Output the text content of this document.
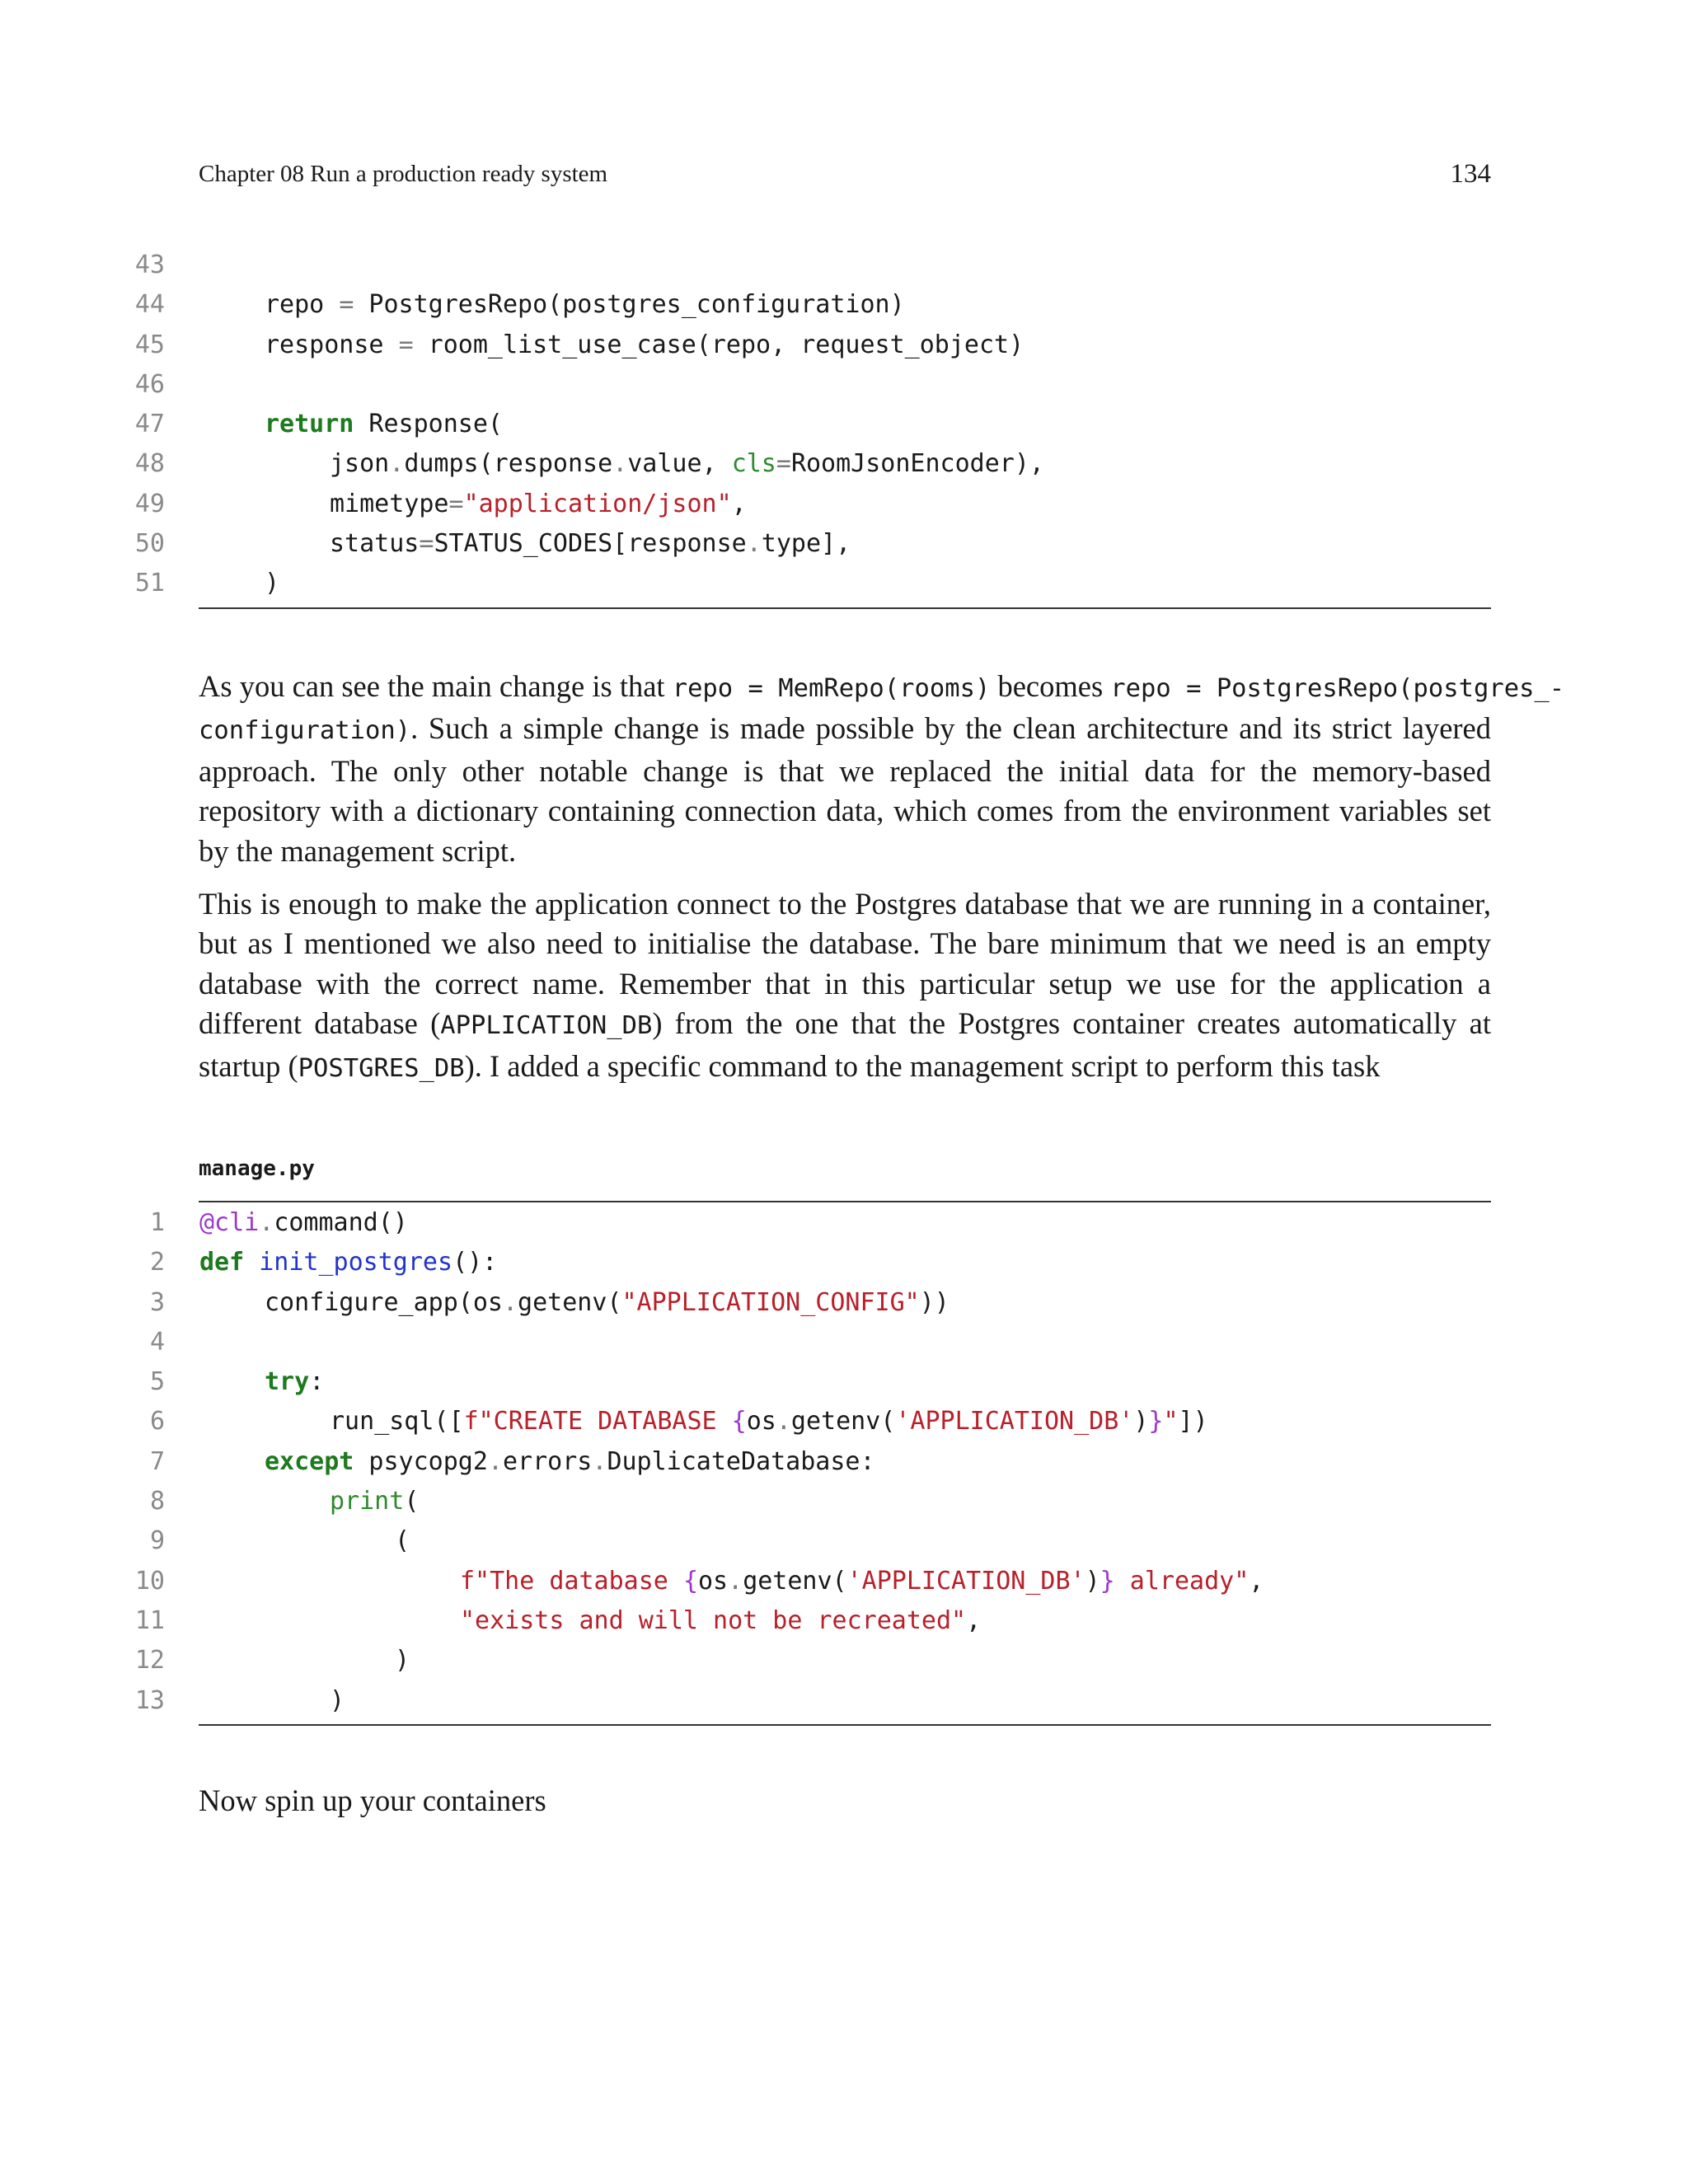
Chapter 08 Run a production ready system	134
43
44	repo = PostgresRepo(postgres_configuration)
45	response = room_list_use_case(repo, request_object)
46
47	return Response(
48	json.dumps(response.value, cls=RoomJsonEncoder),
49	mimetype="application/json",
50	status=STATUS_CODES[response.type],
51	)

As you can see the main change is that repo = MemRepo(rooms) becomes repo = PostgresRepo(postgres_-
configuration). Such a simple change is made possible by the clean architecture and its strict layered approach. The only other notable change is that we replaced the initial data for the memory-based repository with a dictionary containing connection data, which comes from the environment variables set by the management script.

This is enough to make the application connect to the Postgres database that we are running in a container, but as I mentioned we also need to initialise the database. The bare minimum that we need is an empty database with the correct name. Remember that in this particular setup we use for the application a different database (APPLICATION_DB) from the one that the Postgres container creates automatically at startup (POSTGRES_DB). I added a specific command to the management script to perform this task

manage.py
1 @cli.command()
2 def init_postgres():
3	configure_app(os.getenv("APPLICATION_CONFIG"))
4
5	try:
6	run_sql([f"CREATE DATABASE {os.getenv('APPLICATION_DB')}"])
7	except psycopg2.errors.DuplicateDatabase:
8	print(
9	(
10	f"The database {os.getenv('APPLICATION_DB')} already",
11	"exists and will not be recreated",
12	)
13	)
Now spin up your containers
